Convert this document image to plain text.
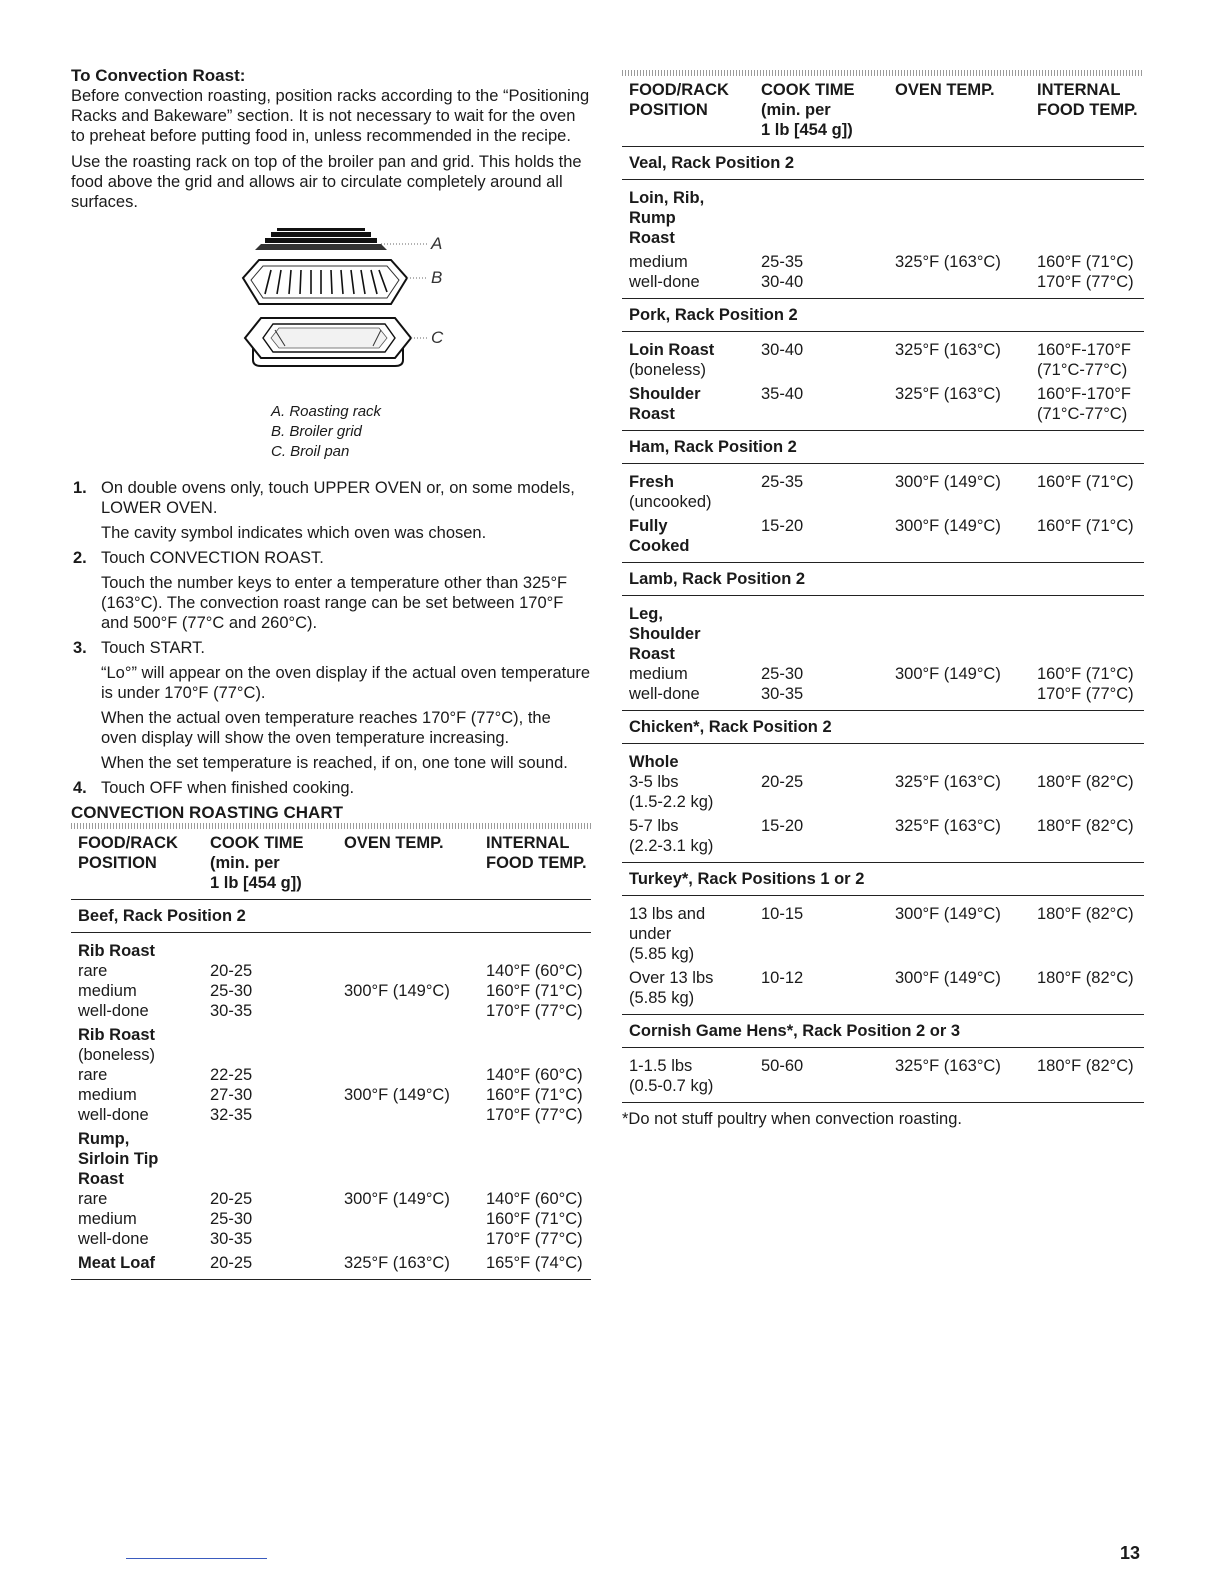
To Convection Roast:

Before convection roasting, position racks according to the “Positioning Racks and Bakeware” section. It is not necessary to wait for the oven to preheat before putting food in, unless recommended in the recipe.

Use the roasting rack on top of the broiler pan and grid. This holds the food above the grid and allows air to circulate completely around all surfaces.

A
B
C
A. Roasting rack
B. Broiler grid
C. Broil pan
1. On double ovens only, touch UPPER OVEN or, on some models, LOWER OVEN.

The cavity symbol indicates which oven was chosen.

2. Touch CONVECTION ROAST.

Touch the number keys to enter a temperature other than 325°F (163°C). The convection roast range can be set between 170°F and 500°F (77°C and 260°C).

3. Touch START.

“Lo°” will appear on the oven display if the actual oven temperature is under 170°F (77°C).

When the actual oven temperature reaches 170°F (77°C), the oven display will show the oven temperature increasing.

When the set temperature is reached, if on, one tone will sound.

4. Touch OFF when finished cooking.

CONVECTION ROASTING CHART
FOOD/RACK
POSITION	COOK TIME
(min. per
1 lb [454 g])	OVEN TEMP.	INTERNAL
FOOD TEMP.
Beef, Rack Position 2			
Rib Roast			
rare	20-25		140°F (60°C)
medium	25-30	300°F (149°C)	160°F (71°C)
well-done	30-35		170°F (77°C)
Rib Roast			
(boneless)			
rare	22-25		140°F (60°C)
medium	27-30	300°F (149°C)	160°F (71°C)
well-done	32-35		170°F (77°C)
Rump,			
Sirloin Tip			
Roast			
rare	20-25	300°F (149°C)	140°F (60°C)
medium	25-30		160°F (71°C)
well-done	30-35		170°F (77°C)
Meat Loaf	20-25	325°F (163°C)	165°F (74°C)
FOOD/RACK
POSITION	COOK TIME
(min. per
1 lb [454 g])	OVEN TEMP.	INTERNAL
FOOD TEMP.
Veal, Rack Position 2			
Loin, Rib,			
Rump			
Roast			
medium	25-35	325°F (163°C)	160°F (71°C)
well-done	30-40		170°F (77°C)
Pork, Rack Position 2			
Loin Roast	30-40	325°F (163°C)	160°F-170°F
(boneless)			(71°C-77°C)
Shoulder	35-40	325°F (163°C)	160°F-170°F
Roast			(71°C-77°C)
Ham, Rack Position 2			
Fresh	25-35	300°F (149°C)	160°F (71°C)
(uncooked)			
Fully	15-20	300°F (149°C)	160°F (71°C)
Cooked			
Lamb, Rack Position 2			
Leg,			
Shoulder			
Roast			
medium	25-30	300°F (149°C)	160°F (71°C)
well-done	30-35		170°F (77°C)
Chicken*, Rack Position 2			
Whole			
3-5 lbs	20-25	325°F (163°C)	180°F (82°C)
(1.5-2.2 kg)			
5-7 lbs	15-20	325°F (163°C)	180°F (82°C)
(2.2-3.1 kg)			
Turkey*, Rack Positions 1 or 2			
13 lbs and	10-15	300°F (149°C)	180°F (82°C)
under			
(5.85 kg)			
Over 13 lbs	10-12	300°F (149°C)	180°F (82°C)
(5.85 kg)			
Cornish Game Hens*, Rack Position 2 or 3			
1-1.5 lbs	50-60	325°F (163°C)	180°F (82°C)
(0.5-0.7 kg)			
*Do not stuff poultry when convection roasting.
13
